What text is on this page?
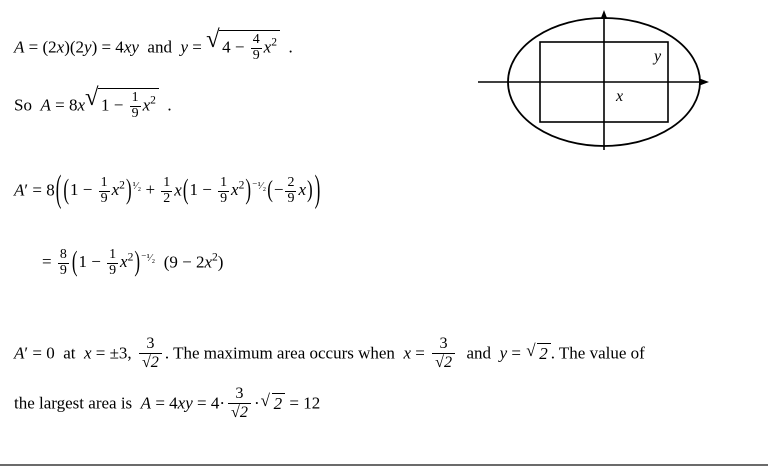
A = (2x)(2y) = 4xy and y = √ $4 - \frac{4}{9} x^2$  .
So A = 8x √ $1 - \frac{1}{9} x^2$  .
A′ = 8( ($1 - \frac{1}{9}$ $x^2)^1⁄_2 + \frac{1}{2} x(1 - \frac{1}{9}$ $x^2)^{-1}⁄_2(- \frac{2}{9} x)$ )
= $\frac{8}{9} (1 - \frac{1}{9}$ $x^2)^{-1}⁄_2$  $(9 - 2x^2)$
A′ = 0  at  x = ±3, $\frac{3}{√2}$ . The maximum area occurs when  $x = \frac{3}{√2}$ and  y = √ 2 . The value of
the largest area is  $A = 4xy = 4\cdot \frac{3}{√2}$ · √ 2 = 12
y
x
